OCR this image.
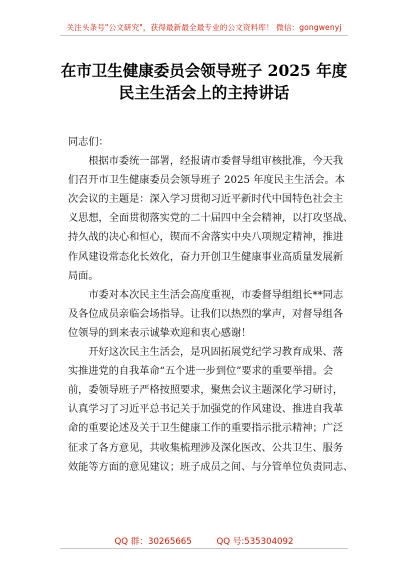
关注头条号"公文研究"，获得最新最全最专业的公文资料库！ 微信：gongwenyj
在市卫生健康委员会领导班子 2025 年度
民主生活会上的主持讲话
同志们：
　　根据市委统一部署，经报请市委督导组审核批准，今天我
们召开市卫生健康委员会领导班子 2025 年度民主生活会。本
次会议的主题是：深入学习贯彻习近平新时代中国特色社会主
义思想，全面贯彻落实党的二十届四中全会精神，以打攻坚战、
持久战的决心和恒心，锲而不舍落实中央八项规定精神，推进
作风建设常态化长效化，奋力开创卫生健康事业高质量发展新
局面。
　　市委对本次民主生活会高度重视，市委督导组组长**同志
及各位成员亲临会场指导。让我们以热烈的掌声，对督导组各
位领导的到来表示诚挚欢迎和衷心感谢！
　　开好这次民主生活会，是巩固拓展党纪学习教育成果、落
实推进党的自我革命“五个进一步到位”要求的重要举措。会
前，委领导班子严格按照要求，聚焦会议主题深化学习研讨，
认真学习了习近平总书记关于加强党的作风建设、推进自我革
命的重要论述及关于卫生健康工作的重要指示批示精神；广泛
征求了各方意见，共收集梳理涉及深化医改、公共卫生、服务
效能等方面的意见建议；班子成员之间、与分管单位负责同志、
QQ 群：30265665	QQ 号:535304092
